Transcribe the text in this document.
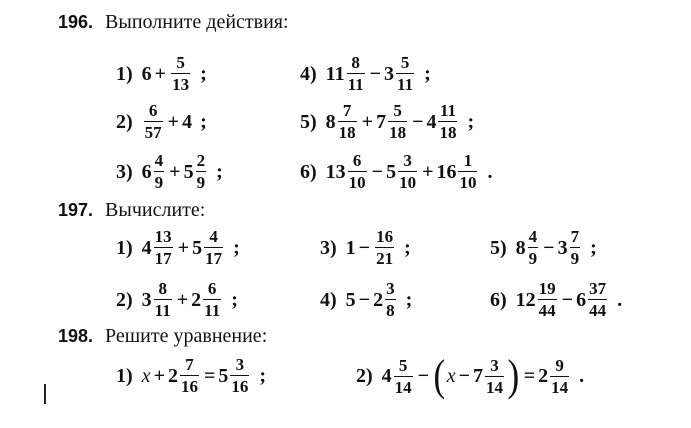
196. Выполните действия:
1) $6 + \frac{5}{13}$ ;	4) $11 \frac{8}{11} - 3 \frac{5}{11}$ ;
$2) \frac{6}{57} + 4$ ;	5) $8 \frac{7}{18} + 7 \frac{5}{18} - 4 \frac{11}{18}$ ;
3) $6 \frac{4}{9} + 5 \frac{2}{9}$ ;	6) $13 \frac{6}{10} - 5 \frac{3}{10} + 16 \frac{1}{10}$ .
197. Вычислите:
1) $4 \frac{13}{17} + 5 \frac{4}{17}$ ;	3) $1 - \frac{16}{21}$ ;	5) $8 \frac{4}{9} - 3 \frac{7}{9}$ ;
2) $3 \frac{8}{11} + 2 \frac{6}{11}$ ;	4) $5 - 2 \frac{3}{8}$ ;	6) $12 \frac{19}{44} - 6 \frac{37}{44}$ .
198. Решите уравнение:
1) $x + 2 \frac{7}{16} = 5 \frac{3}{16}$ ;	2) $4 \frac{5}{14}$ − ( $x - 7 \frac{3}{14}$ ) = $2 \frac{9}{14}$ .
